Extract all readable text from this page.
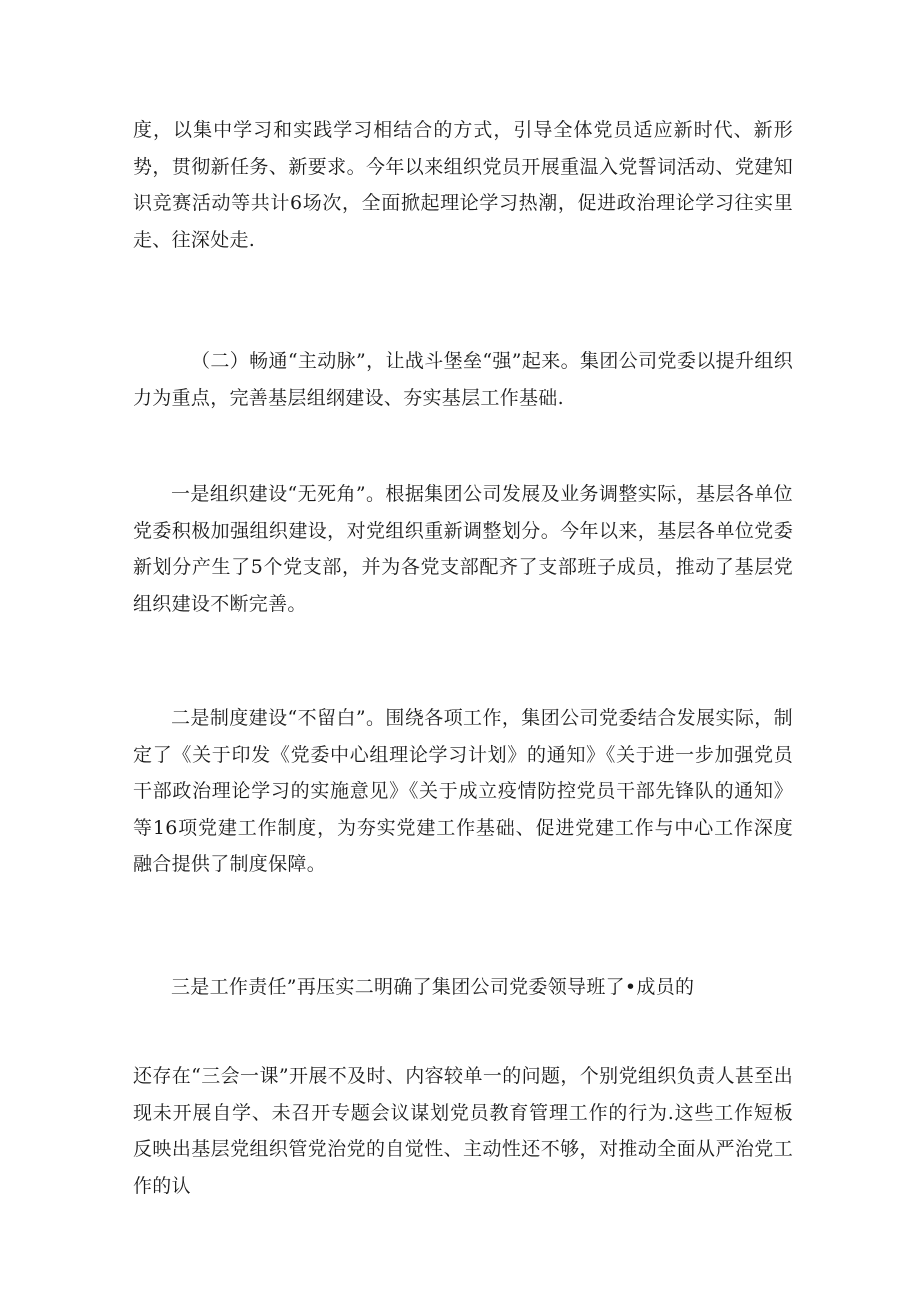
度，以集中学习和实践学习相结合的方式，引导全体党员适应新时代、新形势，贯彻新任务、新要求。今年以来组织党员开展重温入党誓词活动、党建知识竞赛活动等共计6场次，全面掀起理论学习热潮，促进政治理论学习往实里走、往深处走.

（二）畅通“主动脉”，让战斗堡垒“强”起来。集团公司党委以提升组织力为重点，完善基层组纲建设、夯实基层工作基础.

一是组织建设“无死角”。根据集团公司发展及业务调整实际，基层各单位党委积极加强组织建设，对党组织重新调整划分。今年以来，基层各单位党委新划分产生了5个党支部，并为各党支部配齐了支部班子成员，推动了基层党组织建设不断完善。

二是制度建设“不留白”。围绕各项工作，集团公司党委结合发展实际，制定了《关于印发《党委中心组理论学习计划》的通知》《关于进一步加强党员干部政治理论学习的实施意见》《关于成立疫情防控党员干部先锋队的通知》等16项党建工作制度，为夯实党建工作基础、促进党建工作与中心工作深度融合提供了制度保障。

三是工作责任”再压实二明确了集团公司党委领导班了•成员的

还存在“三会一课”开展不及时、内容较单一的问题，个别党组织负责人甚至出现未开展自学、未召开专题会议谋划党员教育管理工作的行为.这些工作短板反映出基层党组织管党治党的自觉性、主动性还不够，对推动全面从严治党工作的认
